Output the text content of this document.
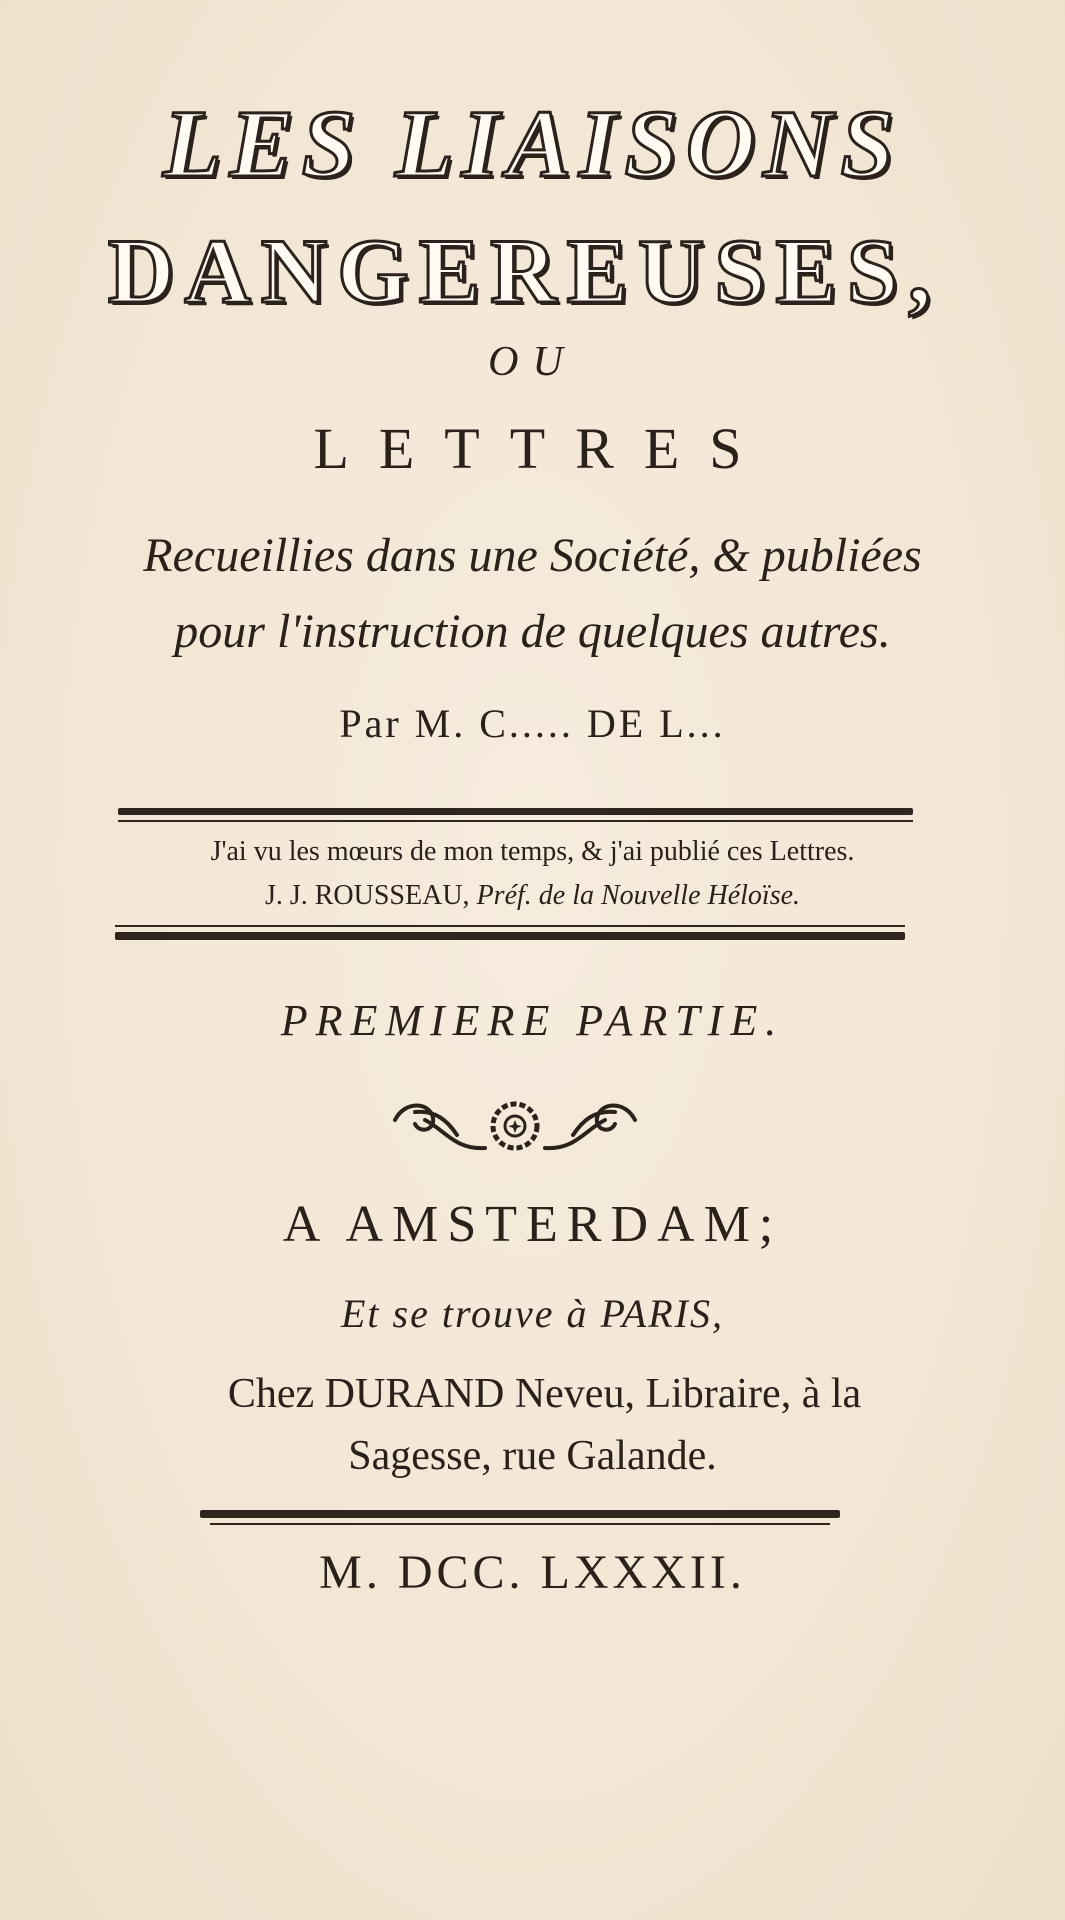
LES LIAISONS
DANGEREUSES,
OU
LETTRES
Recueillies dans une Société, & publiées
pour l'instruction de quelques autres.
Par M. C..... DE L...
J'ai vu les mœurs de mon temps, & j'ai publié ces Lettres.
J. J. ROUSSEAU, Préf. de la Nouvelle Héloïse.
PREMIERE PARTIE.
A AMSTERDAM;
Et se trouve à PARIS,
Chez DURAND Neveu, Libraire, à la
Sagesse, rue Galande.
M. DCC. LXXXII.
